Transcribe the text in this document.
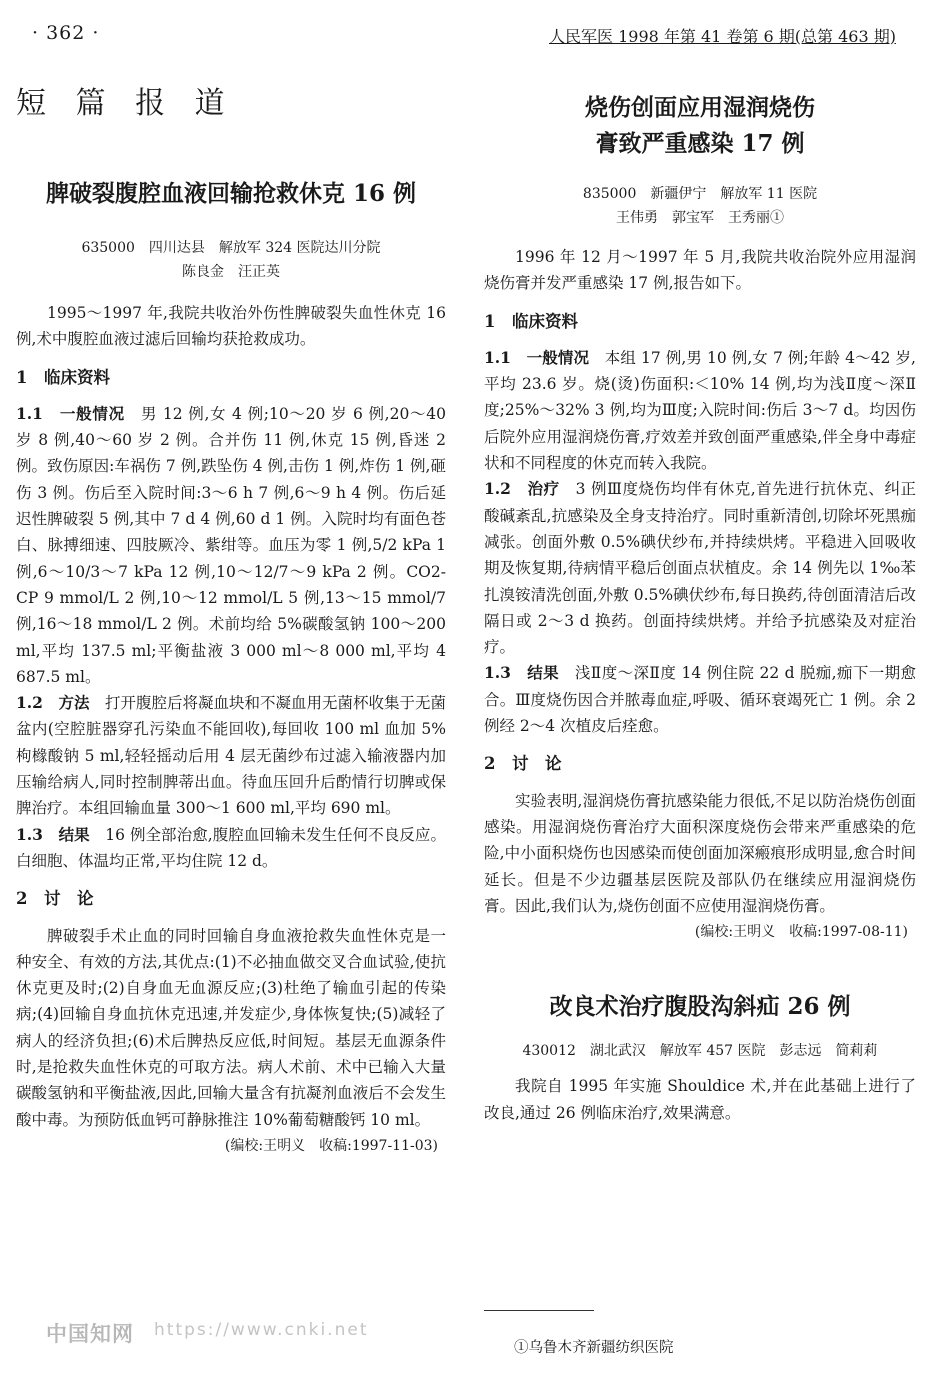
· 362 ·	人民军医 1998 年第 41 卷第 6 期(总第 463 期)
短 篇 报 道

脾破裂腹腔血液回输抢救休克 16 例

635000　四川达县　解放军 324 医院达川分院

陈良金　汪正英

1995～1997 年,我院共收治外伤性脾破裂失血性休克 16 例,术中腹腔血液过滤后回输均获抢救成功。

1　临床资料

1.1　一般情况　男 12 例,女 4 例;10～20 岁 6 例,20～40 岁 8 例,40～60 岁 2 例。合并伤 11 例,休克 15 例,昏迷 2 例。致伤原因:车祸伤 7 例,跌坠伤 4 例,击伤 1 例,炸伤 1 例,砸伤 3 例。伤后至入院时间:3～6 h 7 例,6～9 h 4 例。伤后延迟性脾破裂 5 例,其中 7 d 4 例,60 d 1 例。入院时均有面色苍白、脉搏细速、四肢厥冷、紫绀等。血压为零 1 例,5/2 kPa 1 例,6～10/3～7 kPa 12 例,10～12/7～9 kPa 2 例。CO2-CP 9 mmol/L 2 例,10～12 mmol/L 5 例,13～15 mmol/7 例,16～18 mmol/L 2 例。术前均给 5%碳酸氢钠 100～200 ml,平均 137.5 ml;平衡盐液 3 000 ml～8 000 ml,平均 4 687.5 ml。

1.2　方法　打开腹腔后将凝血块和不凝血用无菌杯收集于无菌盆内(空腔脏器穿孔污染血不能回收),每回收 100 ml 血加 5%枸橼酸钠 5 ml,轻轻摇动后用 4 层无菌纱布过滤入输液器内加压输给病人,同时控制脾蒂出血。待血压回升后酌情行切脾或保脾治疗。本组回输血量 300～1 600 ml,平均 690 ml。

1.3　结果　16 例全部治愈,腹腔血回输未发生任何不良反应。白细胞、体温均正常,平均住院 12 d。

2　讨　论

脾破裂手术止血的同时回输自身血液抢救失血性休克是一种安全、有效的方法,其优点:(1)不必抽血做交叉合血试验,使抗休克更及时;(2)自身血无血源反应;(3)杜绝了输血引起的传染病;(4)回输自身血抗休克迅速,并发症少,身体恢复快;(5)减轻了病人的经济负担;(6)术后脾热反应低,时间短。基层无血源条件时,是抢救失血性休克的可取方法。病人术前、术中已输入大量碳酸氢钠和平衡盐液,因此,回输大量含有抗凝剂血液后不会发生酸中毒。为预防低血钙可静脉推注 10%葡萄糖酸钙 10 ml。

(编校:王明义　收稿:1997-11-03)

烧伤创面应用湿润烧伤

膏致严重感染 17 例

835000　新疆伊宁　解放军 11 医院

王伟勇　郭宝军　王秀丽①

1996 年 12 月～1997 年 5 月,我院共收治院外应用湿润烧伤膏并发严重感染 17 例,报告如下。

1　临床资料

1.1　一般情况　本组 17 例,男 10 例,女 7 例;年龄 4～42 岁,平均 23.6 岁。烧(烫)伤面积:＜10% 14 例,均为浅Ⅱ度～深Ⅱ度;25%～32% 3 例,均为Ⅲ度;入院时间:伤后 3～7 d。均因伤后院外应用湿润烧伤膏,疗效差并致创面严重感染,伴全身中毒症状和不同程度的休克而转入我院。

1.2　治疗　3 例Ⅲ度烧伤均伴有休克,首先进行抗休克、纠正酸碱紊乱,抗感染及全身支持治疗。同时重新清创,切除坏死黑痂减张。创面外敷 0.5%碘伏纱布,并持续烘烤。平稳进入回吸收期及恢复期,待病情平稳后创面点状植皮。余 14 例先以 1‰苯扎溴铵清洗创面,外敷 0.5%碘伏纱布,每日换药,待创面清洁后改隔日或 2～3 d 换药。创面持续烘烤。并给予抗感染及对症治疗。

1.3　结果　浅Ⅱ度～深Ⅱ度 14 例住院 22 d 脱痂,痂下一期愈合。Ⅲ度烧伤因合并脓毒血症,呼吸、循环衰竭死亡 1 例。余 2 例经 2～4 次植皮后痊愈。

2　讨　论

实验表明,湿润烧伤膏抗感染能力很低,不足以防治烧伤创面感染。用湿润烧伤膏治疗大面积深度烧伤会带来严重感染的危险,中小面积烧伤也因感染而使创面加深瘢痕形成明显,愈合时间延长。但是不少边疆基层医院及部队仍在继续应用湿润烧伤膏。因此,我们认为,烧伤创面不应使用湿润烧伤膏。

(编校:王明义　收稿:1997-08-11)

改良术治疗腹股沟斜疝 26 例

430012　湖北武汉　解放军 457 医院　彭志远　简莉莉

我院自 1995 年实施 Shouldice 术,并在此基础上进行了改良,通过 26 例临床治疗,效果满意。

①乌鲁木齐新疆纺织医院
中国知网 https://www.cnki.net
